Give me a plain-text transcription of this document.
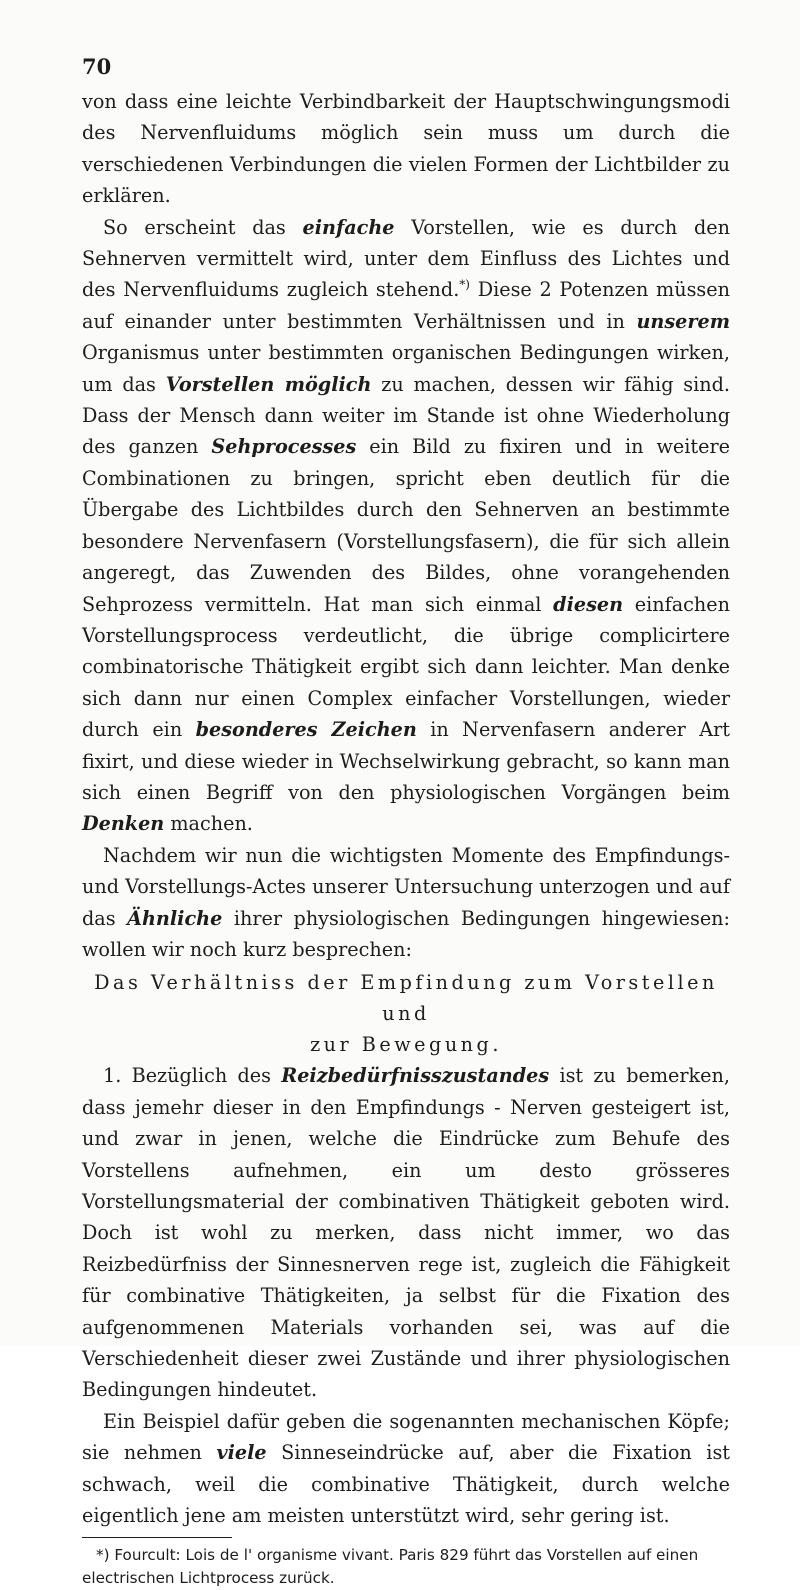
70

von dass eine leichte Verbindbarkeit der Hauptschwingungsmodi des Nervenfluidums möglich sein muss um durch die verschiedenen Verbindungen die vielen Formen der Lichtbilder zu erklären.

So erscheint das einfache Vorstellen, wie es durch den Sehnerven vermittelt wird, unter dem Einfluss des Lichtes und des Nervenfluidums zugleich stehend.*) Diese 2 Potenzen müssen auf einander unter bestimmten Verhältnissen und in unserem Organismus unter bestimmten organischen Bedingungen wirken, um das Vorstellen möglich zu machen, dessen wir fähig sind. Dass der Mensch dann weiter im Stande ist ohne Wiederholung des ganzen Sehprocesses ein Bild zu fixiren und in weitere Combinationen zu bringen, spricht eben deutlich für die Übergabe des Lichtbildes durch den Sehnerven an bestimmte besondere Nervenfasern (Vorstellungsfasern), die für sich allein angeregt, das Zuwenden des Bildes, ohne vorangehenden Sehprozess vermitteln. Hat man sich einmal diesen einfachen Vorstellungsprocess verdeutlicht, die übrige complicirtere combinatorische Thätigkeit ergibt sich dann leichter. Man denke sich dann nur einen Complex einfacher Vorstellungen, wieder durch ein besonderes Zeichen in Nervenfasern anderer Art fixirt, und diese wieder in Wechselwirkung gebracht, so kann man sich einen Begriff von den physiologischen Vorgängen beim Denken machen.

Nachdem wir nun die wichtigsten Momente des Empfindungs- und Vorstellungs-Actes unserer Untersuchung unterzogen und auf das Ähnliche ihrer physiologischen Bedingungen hingewiesen: wollen wir noch kurz besprechen:

Das Verhältniss der Empfindung zum Vorstellen und
zur Bewegung.

1. Bezüglich des Reizbedürfnisszustandes ist zu bemerken, dass jemehr dieser in den Empfindungs - Nerven gesteigert ist, und zwar in jenen, welche die Eindrücke zum Behufe des Vorstellens aufnehmen, ein um desto grösseres Vorstellungsmaterial der combinativen Thätigkeit geboten wird. Doch ist wohl zu merken, dass nicht immer, wo das Reizbedürfniss der Sinnesnerven rege ist, zugleich die Fähigkeit für combinative Thätigkeiten, ja selbst für die Fixation des aufgenommenen Materials vorhanden sei, was auf die Verschiedenheit dieser zwei Zustände und ihrer physiologischen Bedingungen hindeutet.

Ein Beispiel dafür geben die sogenannten mechanischen Köpfe; sie nehmen viele Sinneseindrücke auf, aber die Fixation ist schwach, weil die combinative Thätigkeit, durch welche eigentlich jene am meisten unterstützt wird, sehr gering ist.

*) Fourcult: Lois de l' organisme vivant. Paris 829 führt das Vorstellen auf einen electrischen Lichtprocess zurück.
